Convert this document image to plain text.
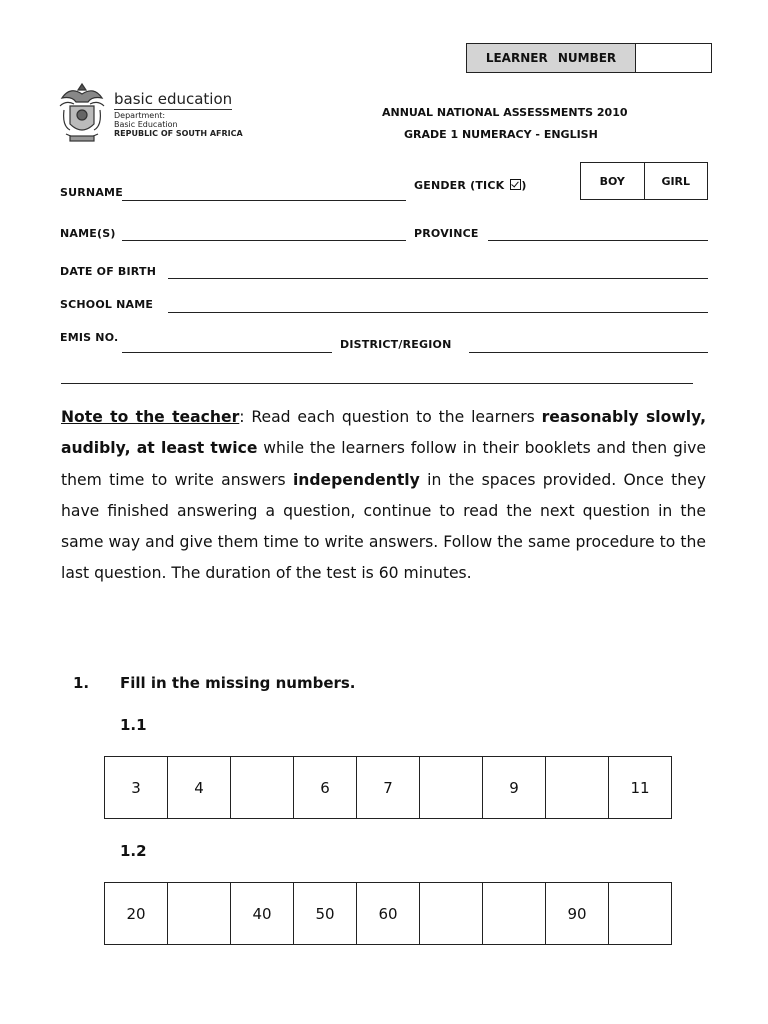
LEARNER NUMBER
basic education
Department:
Basic Education
REPUBLIC OF SOUTH AFRICA
ANNUAL NATIONAL ASSESSMENTS 2010
GRADE 1 NUMERACY - ENGLISH
GENDER (TICK )	BOY	GIRL
SURNAME
NAME(S)	PROVINCE
DATE OF BIRTH
SCHOOL NAME
EMIS NO.
DISTRICT/REGION

Note to the teacher: Read each question to the learners reasonably slowly, audibly, at least twice while the learners follow in their booklets and then give them time to write answers independently in the spaces provided. Once they have finished answering a question, continue to read the next question in the same way and give them time to write answers. Follow the same procedure to the last question. The duration of the test is 60 minutes.

1. Fill in the missing numbers.
1.1
3	4		6	7		9		11
1.2
20		40	50	60			90	
